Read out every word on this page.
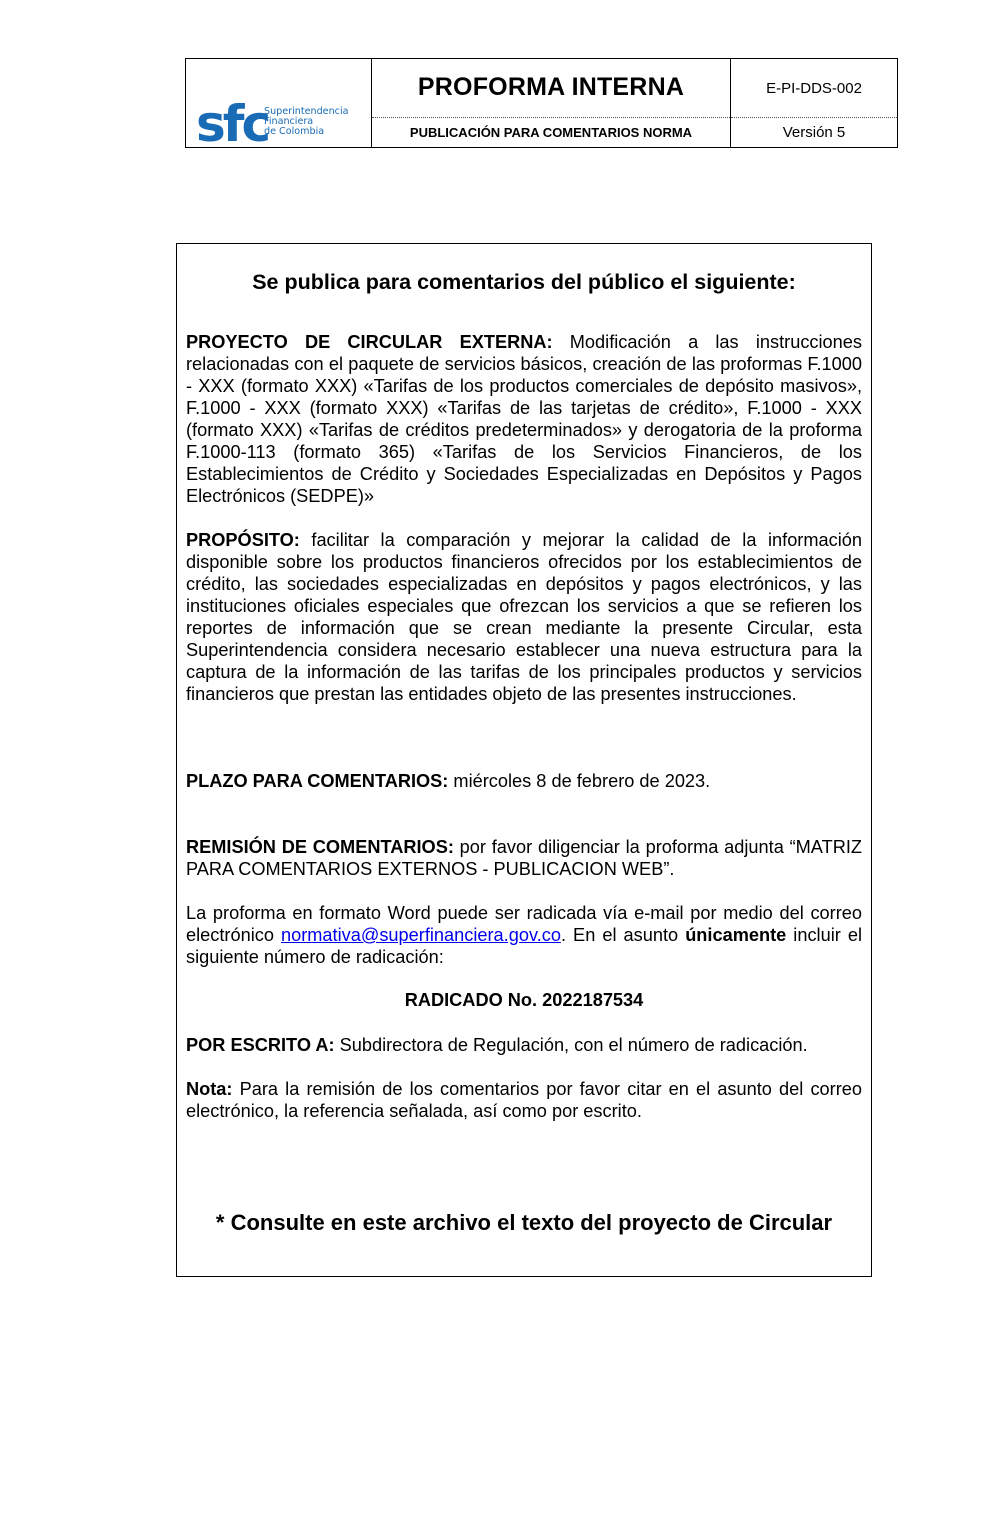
sfc
Superintendencia
Financiera
de Colombia
PROFORMA INTERNA
PUBLICACIÓN PARA COMENTARIOS NORMA
E-PI-DDS-002
Versión 5
Se publica para comentarios del público el siguiente:

PROYECTO DE CIRCULAR EXTERNA: Modificación a las instrucciones relacionadas con el paquete de servicios básicos, creación de las proformas F.1000 - XXX (formato XXX) «Tarifas de los productos comerciales de depósito masivos», F.1000 - XXX (formato XXX) «Tarifas de las tarjetas de crédito», F.1000 - XXX (formato XXX) «Tarifas de créditos predeterminados» y derogatoria de la proforma F.1000-113 (formato 365) «Tarifas de los Servicios Financieros, de los Establecimientos de Crédito y Sociedades Especializadas en Depósitos y Pagos Electrónicos (SEDPE)»

PROPÓSITO: facilitar la comparación y mejorar la calidad de la información disponible sobre los productos financieros ofrecidos por los establecimientos de crédito, las sociedades especializadas en depósitos y pagos electrónicos, y las instituciones oficiales especiales que ofrezcan los servicios a que se refieren los reportes de información que se crean mediante la presente Circular, esta Superintendencia considera necesario establecer una nueva estructura para la captura de la información de las tarifas de los principales productos y servicios financieros que prestan las entidades objeto de las presentes instrucciones.

PLAZO PARA COMENTARIOS: miércoles 8 de febrero de 2023.

REMISIÓN DE COMENTARIOS: por favor diligenciar la proforma adjunta “MATRIZ PARA COMENTARIOS EXTERNOS - PUBLICACION WEB”.

La proforma en formato Word puede ser radicada vía e-mail por medio del correo electrónico normativa@superfinanciera.gov.co. En el asunto únicamente incluir el siguiente número de radicación:

RADICADO No. 2022187534

POR ESCRITO A: Subdirectora de Regulación, con el número de radicación.

Nota: Para la remisión de los comentarios por favor citar en el asunto del correo electrónico, la referencia señalada, así como por escrito.

* Consulte en este archivo el texto del proyecto de Circular
